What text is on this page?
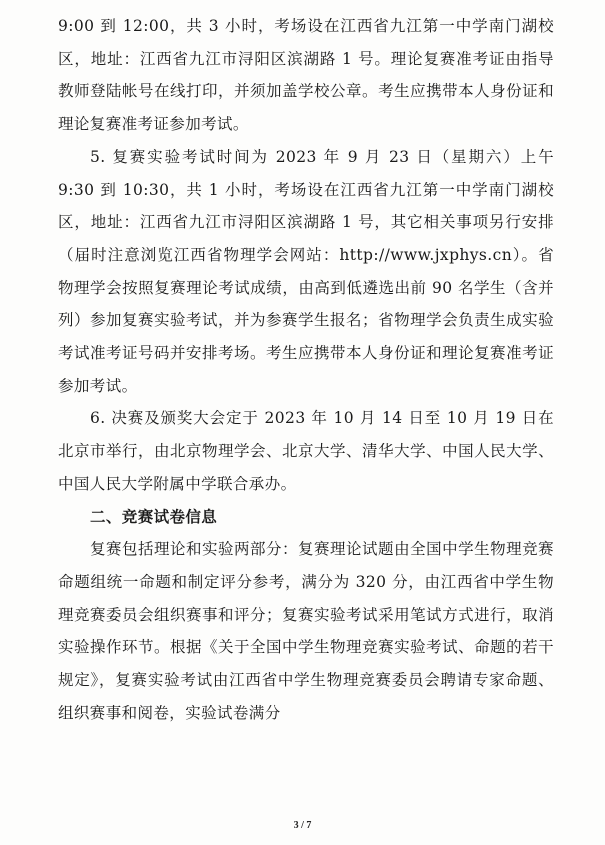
9:00 到 12:00，共 3 小时，考场设在江西省九江第一中学南门湖校区，地址：江西省九江市浔阳区滨湖路 1 号。理论复赛准考证由指导教师登陆帐号在线打印，并须加盖学校公章。考生应携带本人身份证和理论复赛准考证参加考试。

5. 复赛实验考试时间为 2023 年 9 月 23 日（星期六）上午 9:30 到 10:30，共 1 小时，考场设在江西省九江第一中学南门湖校区，地址：江西省九江市浔阳区滨湖路 1 号，其它相关事项另行安排（届时注意浏览江西省物理学会网站：http://www.jxphys.cn）。省物理学会按照复赛理论考试成绩，由高到低遴选出前 90 名学生（含并列）参加复赛实验考试，并为参赛学生报名；省物理学会负责生成实验考试准考证号码并安排考场。考生应携带本人身份证和理论复赛准考证参加考试。

6. 决赛及颁奖大会定于 2023 年 10 月 14 日至 10 月 19 日在北京市举行，由北京物理学会、北京大学、清华大学、中国人民大学、中国人民大学附属中学联合承办。

二、竞赛试卷信息

复赛包括理论和实验两部分：复赛理论试题由全国中学生物理竞赛命题组统一命题和制定评分参考，满分为 320 分，由江西省中学生物理竞赛委员会组织赛事和评分；复赛实验考试采用笔试方式进行，取消实验操作环节。根据《关于全国中学生物理竞赛实验考试、命题的若干规定》，复赛实验考试由江西省中学生物理竞赛委员会聘请专家命题、组织赛事和阅卷，实验试卷满分

3 / 7
